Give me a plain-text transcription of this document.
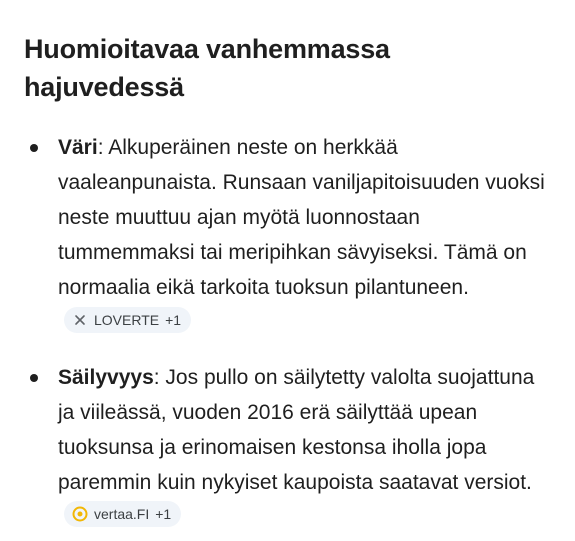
Huomioitavaa vanhemmassa hajuvedessä
Väri: Alkuperäinen neste on herkkää vaaleanpunaista. Runsaan vaniljapitoisuuden vuoksi neste muuttuu ajan myötä luonnostaan tummemmaksi tai meripihkan sävyiseksi. Tämä on normaalia eikä tarkoita tuoksun pilantuneen.
LOVERTE +1
Säilyvyys: Jos pullo on säilytetty valolta suojattuna ja viileässä, vuoden 2016 erä säilyttää upean tuoksunsa ja erinomaisen kestonsa iholla jopa paremmin kuin nykyiset kaupoista saatavat versiot.
vertaa.FI +1
